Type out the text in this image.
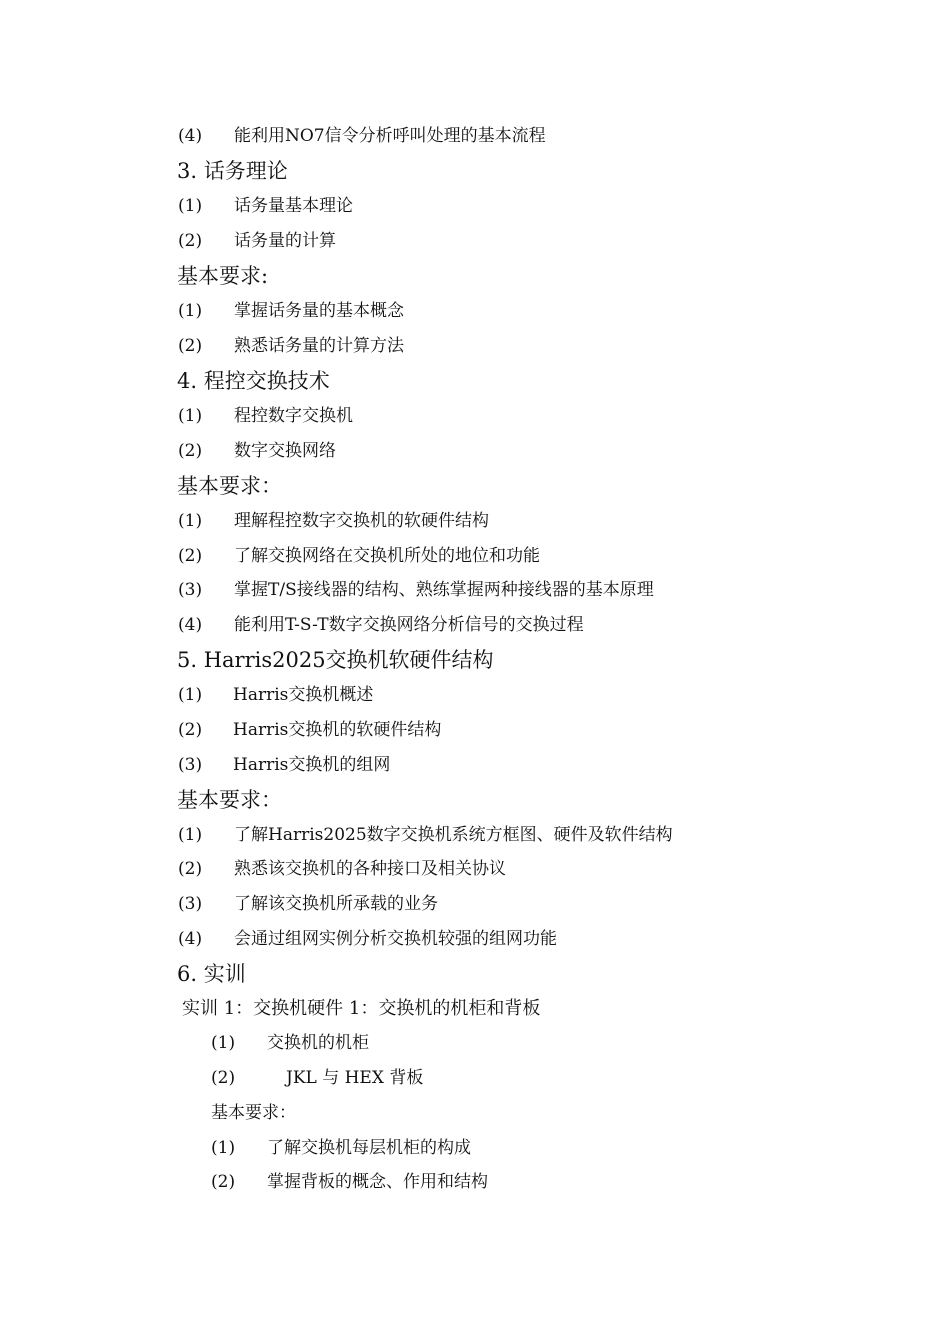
(4) 能利用NO7信令分析呼叫处理的基本流程
3. 话务理论
(1) 话务量基本理论
(2) 话务量的计算
基本要求:
(1) 掌握话务量的基本概念
(2) 熟悉话务量的计算方法
4. 程控交换技术
(1) 程控数字交换机
(2) 数字交换网络
基本要求：
(1) 理解程控数字交换机的软硬件结构
(2) 了解交换网络在交换机所处的地位和功能
(3) 掌握T/S接线器的结构、熟练掌握两种接线器的基本原理
(4) 能利用T-S-T数字交换网络分析信号的交换过程
5. Harris2025交换机软硬件结构
(1) Harris交换机概述
(2) Harris交换机的软硬件结构
(3) Harris交换机的组网
基本要求：
(1) 了解Harris2025数字交换机系统方框图、硬件及软件结构
(2) 熟悉该交换机的各种接口及相关协议
(3) 了解该交换机所承载的业务
(4) 会通过组网实例分析交换机较强的组网功能
6. 实训
实训 1：交换机硬件 1：交换机的机柜和背板
(1) 交换机的机柜
(2)	JKL 与 HEX 背板
基本要求：
(1) 了解交换机每层机柜的构成
(2) 掌握背板的概念、作用和结构
